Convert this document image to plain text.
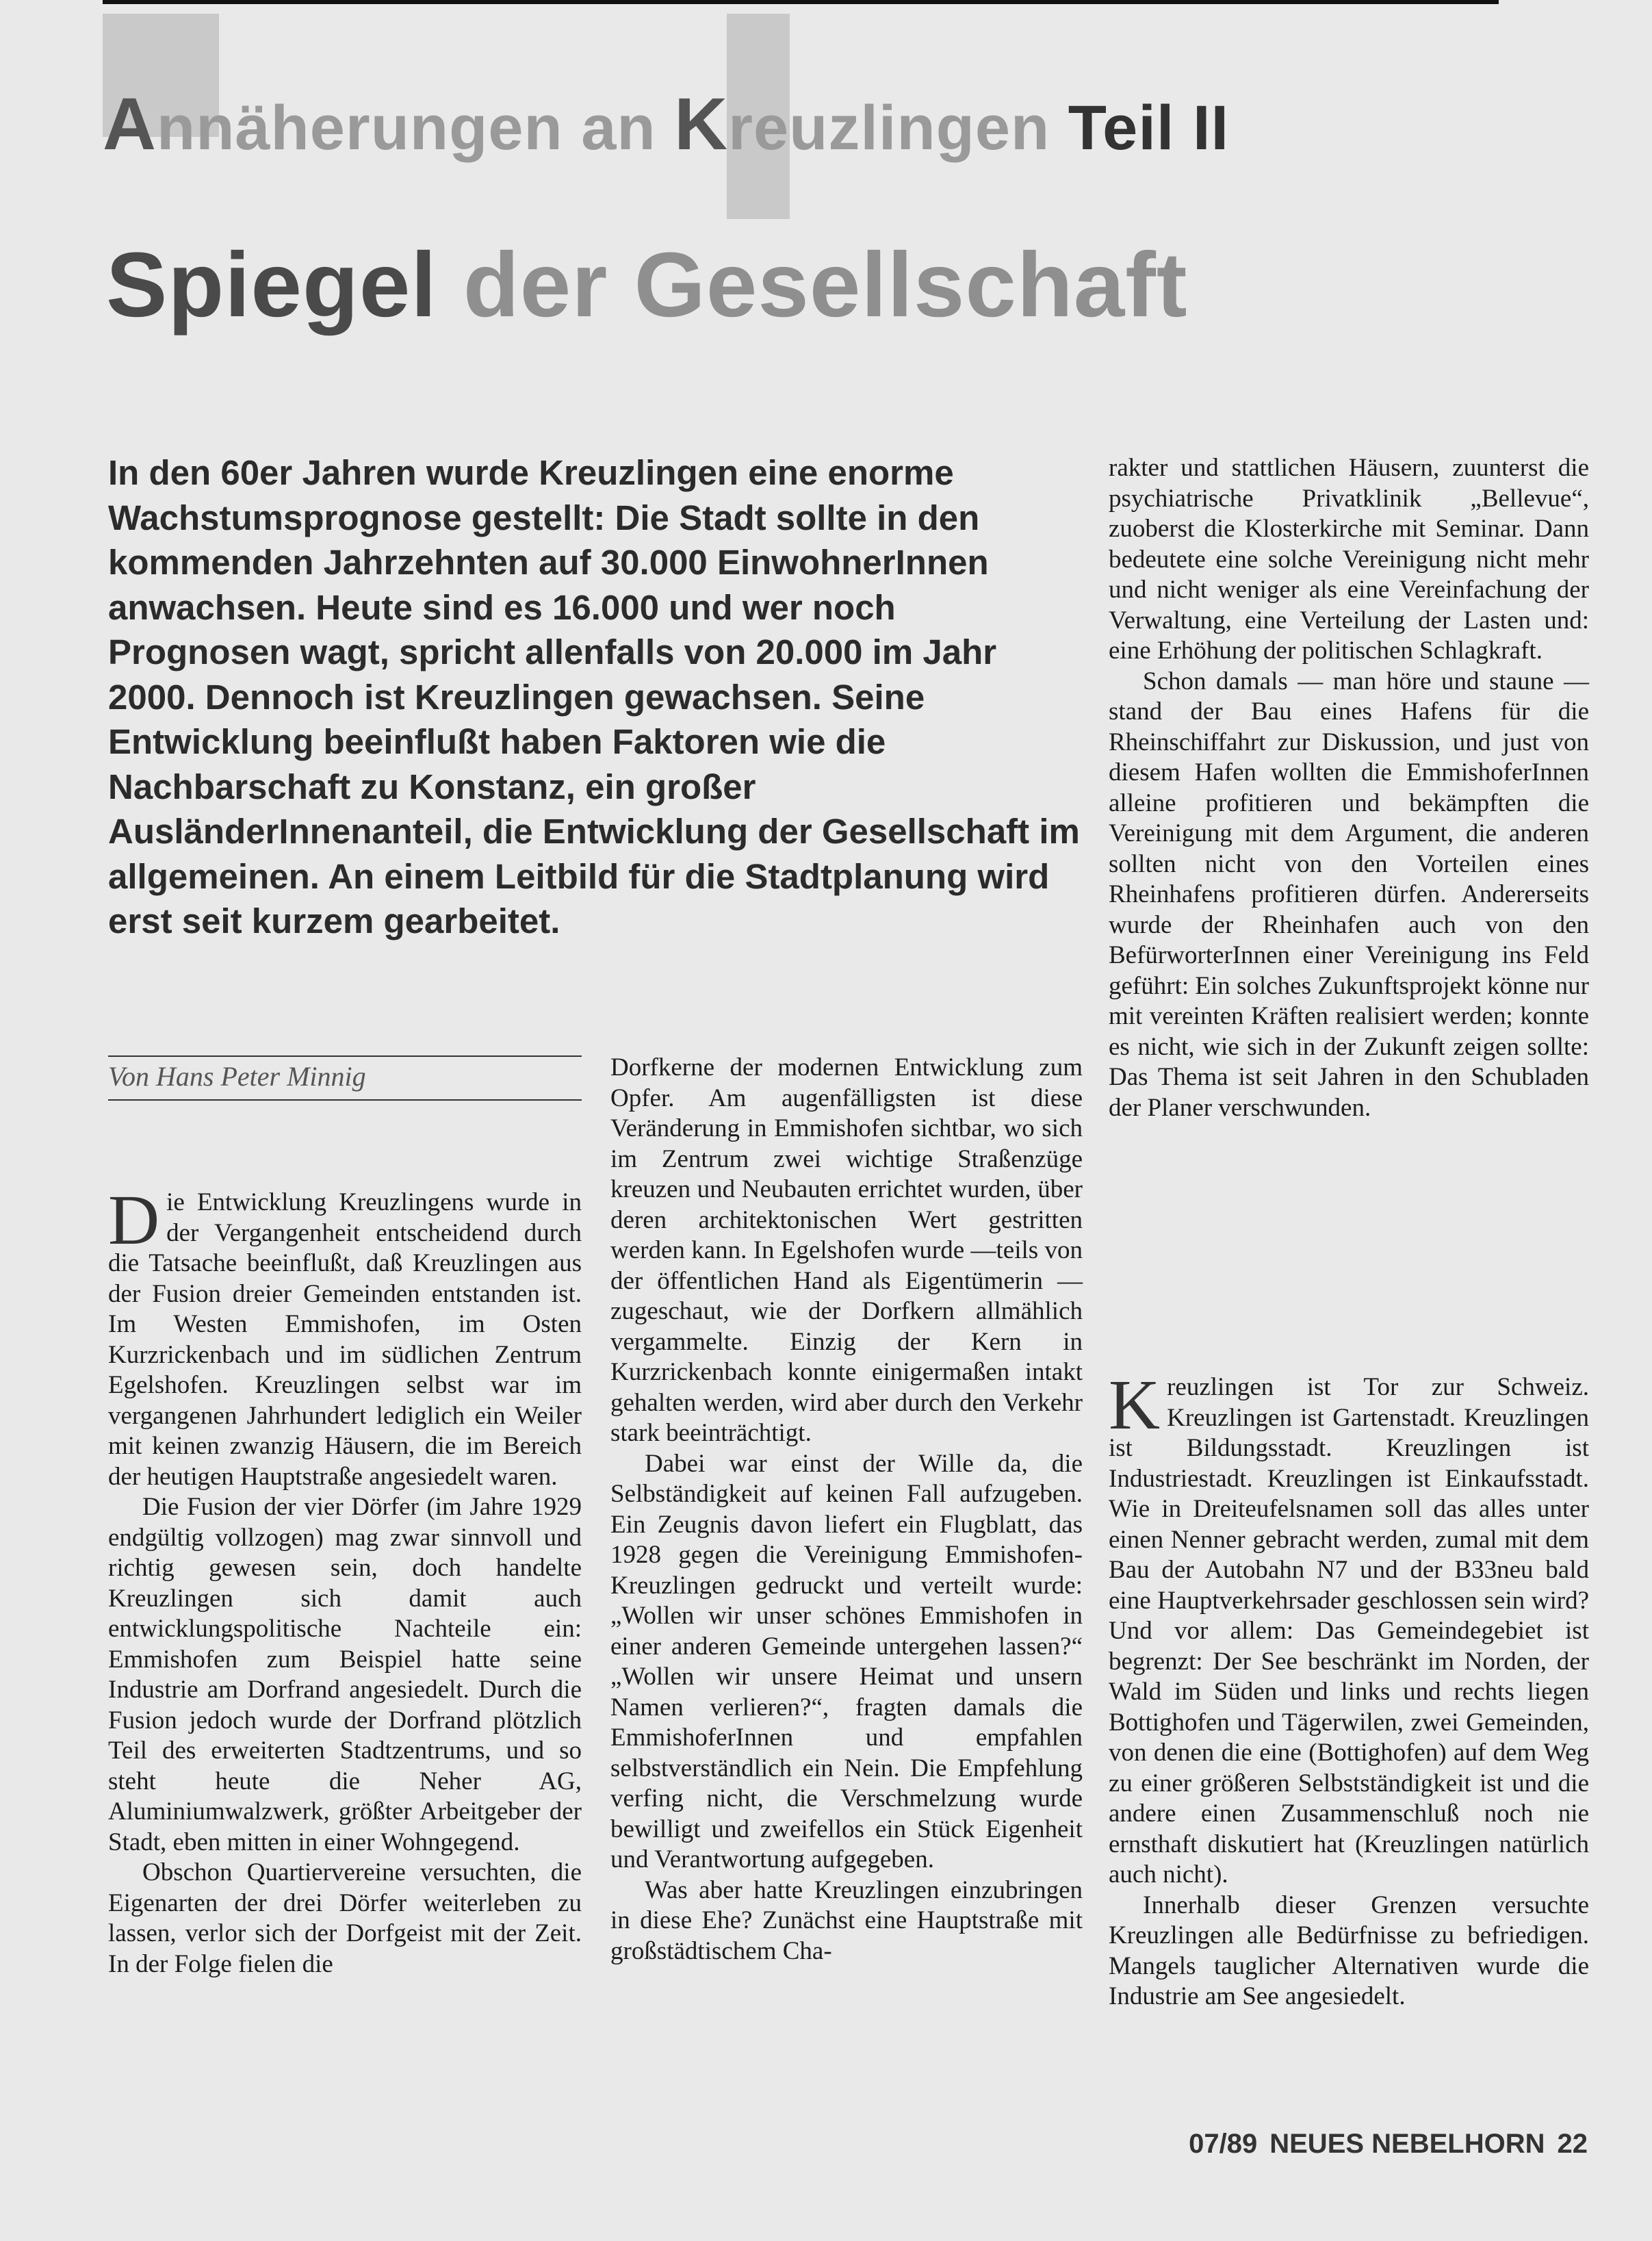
Annäherungen an Kreuzlingen Teil II
Spiegel der Gesellschaft

In den 60er Jahren wurde Kreuzlingen eine enorme Wachstumsprognose gestellt: Die Stadt sollte in den kommenden Jahrzehnten auf 30.000 EinwohnerInnen anwachsen. Heute sind es 16.000 und wer noch Prognosen wagt, spricht allenfalls von 20.000 im Jahr 2000. Dennoch ist Kreuzlingen gewachsen. Seine Entwicklung beeinflußt haben Faktoren wie die Nachbarschaft zu Konstanz, ein großer AusländerInnenanteil, die Entwicklung der Gesellschaft im allgemeinen. An einem Leitbild für die Stadtplanung wird erst seit kurzem gearbeitet.

Von Hans Peter Minnig

Die Entwicklung Kreuzlingens wurde in der Vergangenheit entscheidend durch die Tatsache beeinflußt, daß Kreuzlingen aus der Fusion dreier Gemeinden entstanden ist. Im Westen Emmishofen, im Osten Kurzrickenbach und im südlichen Zentrum Egelshofen. Kreuzlingen selbst war im vergangenen Jahrhundert lediglich ein Weiler mit keinen zwanzig Häusern, die im Bereich der heutigen Hauptstraße angesiedelt waren.

Die Fusion der vier Dörfer (im Jahre 1929 endgültig vollzogen) mag zwar sinnvoll und richtig gewesen sein, doch handelte Kreuzlingen sich damit auch entwicklungspolitische Nachteile ein: Emmishofen zum Beispiel hatte seine Industrie am Dorfrand angesiedelt. Durch die Fusion jedoch wurde der Dorfrand plötzlich Teil des erweiterten Stadtzentrums, und so steht heute die Neher AG, Aluminiumwalzwerk, größter Arbeitgeber der Stadt, eben mitten in einer Wohngegend.

Obschon Quartiervereine versuchten, die Eigenarten der drei Dörfer weiterleben zu lassen, verlor sich der Dorfgeist mit der Zeit. In der Folge fielen die

Dorfkerne der modernen Entwicklung zum Opfer. Am augenfälligsten ist diese Veränderung in Emmishofen sichtbar, wo sich im Zentrum zwei wichtige Straßenzüge kreuzen und Neubauten errichtet wurden, über deren architektonischen Wert gestritten werden kann. In Egelshofen wurde —teils von der öffentlichen Hand als Eigentümerin — zugeschaut, wie der Dorfkern allmählich vergammelte. Einzig der Kern in Kurzrickenbach konnte einigermaßen intakt gehalten werden, wird aber durch den Verkehr stark beeinträchtigt.

Dabei war einst der Wille da, die Selbständigkeit auf keinen Fall aufzugeben. Ein Zeugnis davon liefert ein Flugblatt, das 1928 gegen die Vereinigung Emmishofen-Kreuzlingen gedruckt und verteilt wurde: „Wollen wir unser schönes Emmishofen in einer anderen Gemeinde untergehen lassen?“ „Wollen wir unsere Heimat und unsern Namen verlieren?“, fragten damals die EmmishoferInnen und empfahlen selbstverständlich ein Nein. Die Empfehlung verfing nicht, die Verschmelzung wurde bewilligt und zweifellos ein Stück Eigenheit und Verantwortung aufgegeben.

Was aber hatte Kreuzlingen einzubringen in diese Ehe? Zunächst eine Hauptstraße mit großstädtischem Cha-

rakter und stattlichen Häusern, zuunterst die psychiatrische Privatklinik „Bellevue“, zuoberst die Klosterkirche mit Seminar. Dann bedeutete eine solche Vereinigung nicht mehr und nicht weniger als eine Vereinfachung der Verwaltung, eine Verteilung der Lasten und: eine Erhöhung der politischen Schlagkraft.

Schon damals — man höre und staune — stand der Bau eines Hafens für die Rheinschiffahrt zur Diskussion, und just von diesem Hafen wollten die EmmishoferInnen alleine profitieren und bekämpften die Vereinigung mit dem Argument, die anderen sollten nicht von den Vorteilen eines Rheinhafens profitieren dürfen. Andererseits wurde der Rheinhafen auch von den BefürworterInnen einer Vereinigung ins Feld geführt: Ein solches Zukunftsprojekt könne nur mit vereinten Kräften realisiert werden; konnte es nicht, wie sich in der Zukunft zeigen sollte: Das Thema ist seit Jahren in den Schubladen der Planer verschwunden.

Kreuzlingen ist Tor zur Schweiz. Kreuzlingen ist Gartenstadt. Kreuzlingen ist Bildungsstadt. Kreuzlingen ist Industriestadt. Kreuzlingen ist Einkaufsstadt. Wie in Dreiteufelsnamen soll das alles unter einen Nenner gebracht werden, zumal mit dem Bau der Autobahn N7 und der B33neu bald eine Hauptverkehrsader geschlossen sein wird? Und vor allem: Das Gemeindegebiet ist begrenzt: Der See beschränkt im Norden, der Wald im Süden und links und rechts liegen Bottighofen und Tägerwilen, zwei Gemeinden, von denen die eine (Bottighofen) auf dem Weg zu einer größeren Selbstständigkeit ist und die andere einen Zusammenschluß noch nie ernsthaft diskutiert hat (Kreuzlingen natürlich auch nicht).

Innerhalb dieser Grenzen versuchte Kreuzlingen alle Bedürfnisse zu befriedigen. Mangels tauglicher Alternativen wurde die Industrie am See angesiedelt.

07/89 NEUES NEBELHORN 22
